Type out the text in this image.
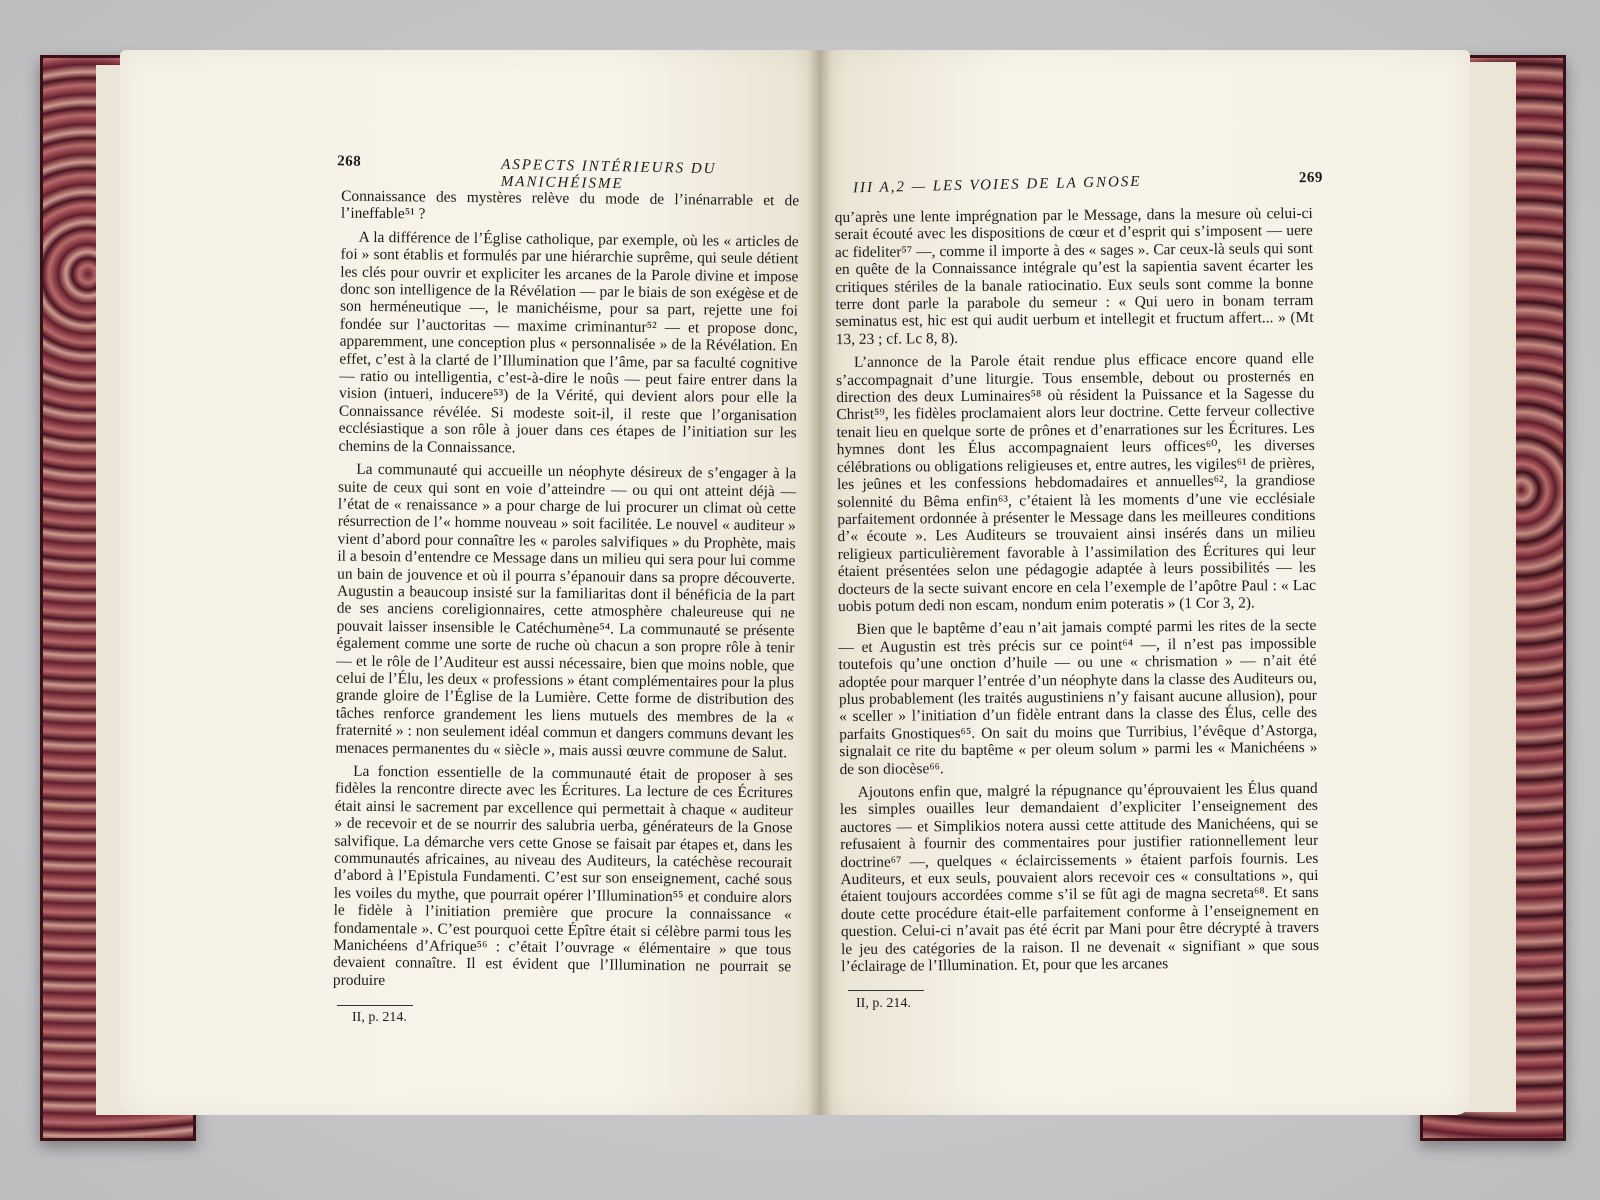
268	ASPECTS INTÉRIEURS DU MANICHÉISME

Connaissance des mystères relève du mode de l’inénarrable et de l’ineffable⁵¹ ?

A la différence de l’Église catholique, par exemple, où les « articles de foi » sont établis et formulés par une hiérarchie suprême, qui seule détient les clés pour ouvrir et expliciter les arcanes de la Parole divine et impose donc son intelligence de la Révélation — par le biais de son exégèse et de son herméneutique —, le manichéisme, pour sa part, rejette une foi fondée sur l’auctoritas — maxime criminantur⁵² — et propose donc, apparemment, une conception plus « personnalisée » de la Révélation. En effet, c’est à la clarté de l’Illumination que l’âme, par sa faculté cognitive — ratio ou intelligentia, c’est-à-dire le noûs — peut faire entrer dans la vision (intueri, inducere⁵³) de la Vérité, qui devient alors pour elle la Connaissance révélée. Si modeste soit-il, il reste que l’organisation ecclésiastique a son rôle à jouer dans ces étapes de l’initiation sur les chemins de la Connaissance.

La communauté qui accueille un néophyte désireux de s’engager à la suite de ceux qui sont en voie d’atteindre — ou qui ont atteint déjà — l’état de « renaissance » a pour charge de lui procurer un climat où cette résurrection de l’« homme nouveau » soit facilitée. Le nouvel « auditeur » vient d’abord pour connaître les « paroles salvifiques » du Prophète, mais il a besoin d’entendre ce Message dans un milieu qui sera pour lui comme un bain de jouvence et où il pourra s’épanouir dans sa propre découverte. Augustin a beaucoup insisté sur la familiaritas dont il bénéficia de la part de ses anciens coreligionnaires, cette atmosphère chaleureuse qui ne pouvait laisser insensible le Catéchumène⁵⁴. La communauté se présente également comme une sorte de ruche où chacun a son propre rôle à tenir — et le rôle de l’Auditeur est aussi nécessaire, bien que moins noble, que celui de l’Élu, les deux « professions » étant complémentaires pour la plus grande gloire de l’Église de la Lumière. Cette forme de distribution des tâches renforce grandement les liens mutuels des membres de la « fraternité » : non seulement idéal commun et dangers communs devant les menaces permanentes du « siècle », mais aussi œuvre commune de Salut.

La fonction essentielle de la communauté était de proposer à ses fidèles la rencontre directe avec les Écritures. La lecture de ces Écritures était ainsi le sacrement par excellence qui permettait à chaque « auditeur » de recevoir et de se nourrir des salubria uerba, générateurs de la Gnose salvifique. La démarche vers cette Gnose se faisait par étapes et, dans les communautés africaines, au niveau des Auditeurs, la catéchèse recourait d’abord à l’Epistula Fundamenti. C’est sur son enseignement, caché sous les voiles du mythe, que pourrait opérer l’Illumination⁵⁵ et conduire alors le fidèle à l’initiation première que procure la connaissance « fondamentale ». C’est pourquoi cette Épître était si célèbre parmi tous les Manichéens d’Afrique⁵⁶ : c’était l’ouvrage « élémentaire » que tous devaient connaître. Il est évident que l’Illumination ne pourrait se produire

II, p. 214.
III A,2 — LES VOIES DE LA GNOSE	269

qu’après une lente imprégnation par le Message, dans la mesure où celui-ci serait écouté avec les dispositions de cœur et d’esprit qui s’imposent — uere ac fideliter⁵⁷ —, comme il importe à des « sages ». Car ceux-là seuls qui sont en quête de la Connaissance intégrale qu’est la sapientia savent écarter les critiques stériles de la banale ratiocinatio. Eux seuls sont comme la bonne terre dont parle la parabole du semeur : « Qui uero in bonam terram seminatus est, hic est qui audit uerbum et intellegit et fructum affert... » (Mt 13, 23 ; cf. Lc 8, 8).

L’annonce de la Parole était rendue plus efficace encore quand elle s’accompagnait d’une liturgie. Tous ensemble, debout ou prosternés en direction des deux Luminaires⁵⁸ où résident la Puissance et la Sagesse du Christ⁵⁹, les fidèles proclamaient alors leur doctrine. Cette ferveur collective tenait lieu en quelque sorte de prônes et d’enarrationes sur les Écritures. Les hymnes dont les Élus accompagnaient leurs offices⁶⁰, les diverses célébrations ou obligations religieuses et, entre autres, les vigiles⁶¹ de prières, les jeûnes et les confessions hebdomadaires et annuelles⁶², la grandiose solennité du Bêma enfin⁶³, c’étaient là les moments d’une vie ecclésiale parfaitement ordonnée à présenter le Message dans les meilleures conditions d’« écoute ». Les Auditeurs se trouvaient ainsi insérés dans un milieu religieux particulièrement favorable à l’assimilation des Écritures qui leur étaient présentées selon une pédagogie adaptée à leurs possibilités — les docteurs de la secte suivant encore en cela l’exemple de l’apôtre Paul : « Lac uobis potum dedi non escam, nondum enim poteratis » (1 Cor 3, 2).

Bien que le baptême d’eau n’ait jamais compté parmi les rites de la secte — et Augustin est très précis sur ce point⁶⁴ —, il n’est pas impossible toutefois qu’une onction d’huile — ou une « chrismation » — n’ait été adoptée pour marquer l’entrée d’un néophyte dans la classe des Auditeurs ou, plus probablement (les traités augustiniens n’y faisant aucune allusion), pour « sceller » l’initiation d’un fidèle entrant dans la classe des Élus, celle des parfaits Gnostiques⁶⁵. On sait du moins que Turribius, l’évêque d’Astorga, signalait ce rite du baptême « per oleum solum » parmi les « Manichéens » de son diocèse⁶⁶.

Ajoutons enfin que, malgré la répugnance qu’éprouvaient les Élus quand les simples ouailles leur demandaient d’expliciter l’enseignement des auctores — et Simplikios notera aussi cette attitude des Manichéens, qui se refusaient à fournir des commentaires pour justifier rationnellement leur doctrine⁶⁷ —, quelques « éclaircissements » étaient parfois fournis. Les Auditeurs, et eux seuls, pouvaient alors recevoir ces « consultations », qui étaient toujours accordées comme s’il se fût agi de magna secreta⁶⁸. Et sans doute cette procédure était-elle parfaitement conforme à l’enseignement en question. Celui-ci n’avait pas été écrit par Mani pour être décrypté à travers le jeu des catégories de la raison. Il ne devenait « signifiant » que sous l’éclairage de l’Illumination. Et, pour que les arcanes

II, p. 214.
